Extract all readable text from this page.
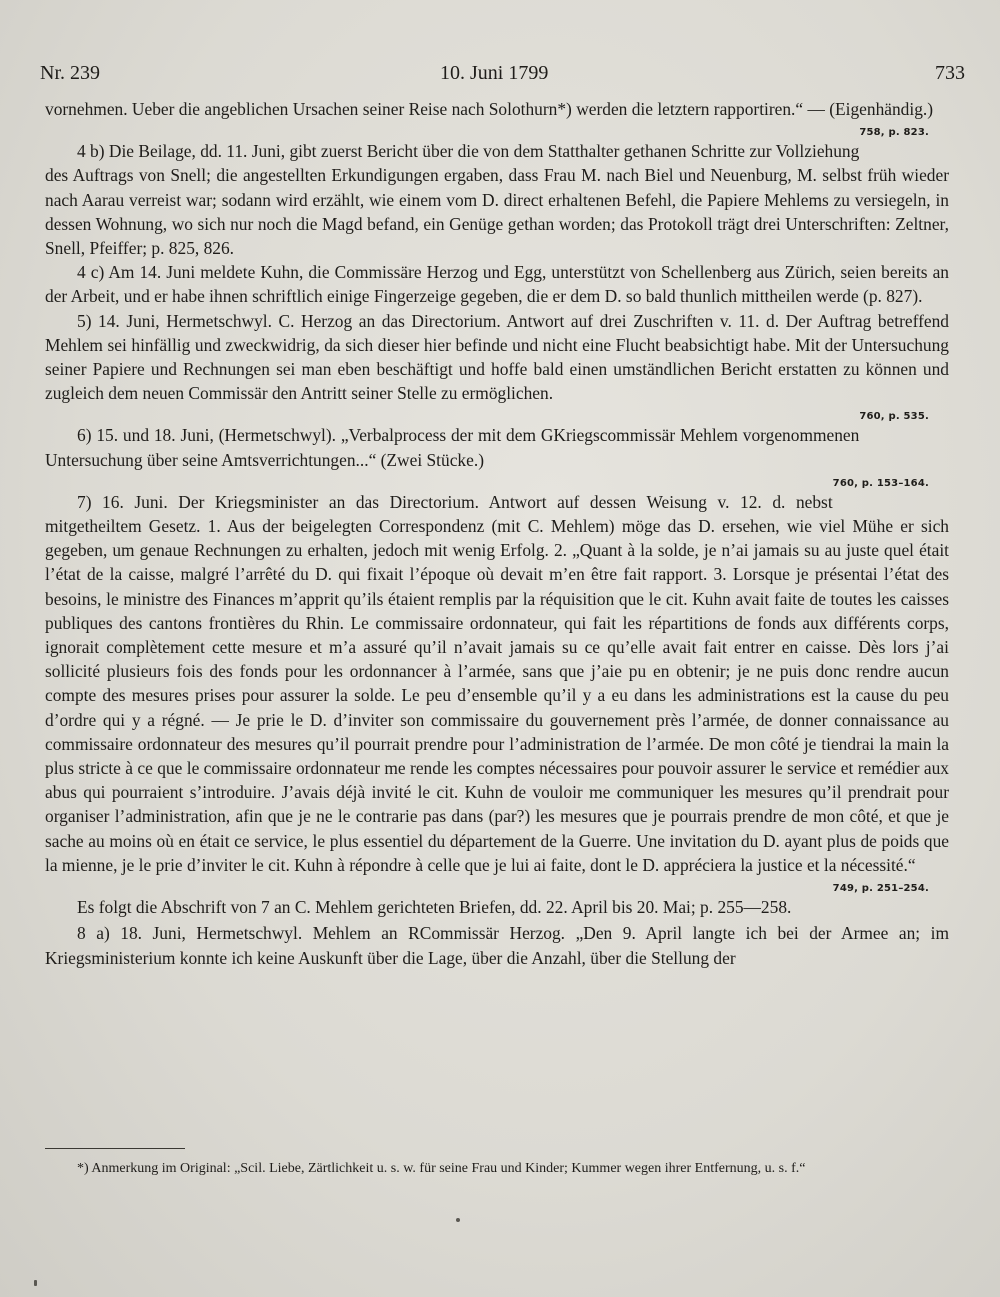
Nr. 239	10. Juni 1799	733

vornehmen. Ueber die angeblichen Ursachen seiner Reise nach Solothurn*) werden die letztern rapportiren.“ — (Eigenhändig.)

758, p. 823.

4 b) Die Beilage, dd. 11. Juni, gibt zuerst Bericht über die von dem Statthalter gethanen Schritte zur Vollziehung des Auftrags von Snell; die angestellten Erkundigungen ergaben, dass Frau M. nach Biel und Neuenburg, M. selbst früh wieder nach Aarau verreist war; sodann wird erzählt, wie einem vom D. direct erhaltenen Befehl, die Papiere Mehlems zu versiegeln, in dessen Wohnung, wo sich nur noch die Magd befand, ein Genüge gethan worden; das Protokoll trägt drei Unterschriften: Zeltner, Snell, Pfeiffer; p. 825, 826.

4 c) Am 14. Juni meldete Kuhn, die Commissäre Herzog und Egg, unterstützt von Schellenberg aus Zürich, seien bereits an der Arbeit, und er habe ihnen schriftlich einige Fingerzeige gegeben, die er dem D. so bald thunlich mittheilen werde (p. 827).

5) 14. Juni, Hermetschwyl. C. Herzog an das Directorium. Antwort auf drei Zuschriften v. 11. d. Der Auftrag betreffend Mehlem sei hinfällig und zweckwidrig, da sich dieser hier befinde und nicht eine Flucht beabsichtigt habe. Mit der Untersuchung seiner Papiere und Rechnungen sei man eben beschäftigt und hoffe bald einen umständlichen Bericht erstatten zu können und zugleich dem neuen Commissär den Antritt seiner Stelle zu ermöglichen.

760, p. 535.

6) 15. und 18. Juni, (Hermetschwyl). „Verbalprocess der mit dem GKriegscommissär Mehlem vorgenommenen Untersuchung über seine Amtsverrichtungen...“ (Zwei Stücke.)

760, p. 153–164.

7) 16. Juni. Der Kriegsminister an das Directorium. Antwort auf dessen Weisung v. 12. d. nebst mitgetheiltem Gesetz. 1. Aus der beigelegten Correspondenz (mit C. Mehlem) möge das D. ersehen, wie viel Mühe er sich gegeben, um genaue Rechnungen zu erhalten, jedoch mit wenig Erfolg. 2. „Quant à la solde, je n’ai jamais su au juste quel était l’état de la caisse, malgré l’arrêté du D. qui fixait l’époque où devait m’en être fait rapport. 3. Lorsque je présentai l’état des besoins, le ministre des Finances m’apprit qu’ils étaient remplis par la réquisition que le cit. Kuhn avait faite de toutes les caisses publiques des cantons frontières du Rhin. Le commissaire ordonnateur, qui fait les répartitions de fonds aux différents corps, ignorait complètement cette mesure et m’a assuré qu’il n’avait jamais su ce qu’elle avait fait entrer en caisse. Dès lors j’ai sollicité plusieurs fois des fonds pour les ordonnancer à l’armée, sans que j’aie pu en obtenir; je ne puis donc rendre aucun compte des mesures prises pour assurer la solde. Le peu d’ensemble qu’il y a eu dans les administrations est la cause du peu d’ordre qui y a régné. — Je prie le D. d’inviter son commissaire du gouvernement près l’armée, de donner connaissance au commissaire ordonnateur des mesures qu’il pourrait prendre pour l’administration de l’armée. De mon côté je tiendrai la main la plus stricte à ce que le commissaire ordonnateur me rende les comptes nécessaires pour pouvoir assurer le service et remédier aux abus qui pourraient s’introduire. J’avais déjà invité le cit. Kuhn de vouloir me communiquer les mesures qu’il prendrait pour organiser l’administration, afin que je ne le contrarie pas dans (par?) les mesures que je pourrais prendre de mon côté, et que je sache au moins où en était ce service, le plus essentiel du département de la Guerre. Une invitation du D. ayant plus de poids que la mienne, je le prie d’inviter le cit. Kuhn à répondre à celle que je lui ai faite, dont le D. appréciera la justice et la nécessité.“

749, p. 251–254.

Es folgt die Abschrift von 7 an C. Mehlem gerichteten Briefen, dd. 22. April bis 20. Mai; p. 255—258.

8 a) 18. Juni, Hermetschwyl. Mehlem an RCommissär Herzog. „Den 9. April langte ich bei der Armee an; im Kriegsministerium konnte ich keine Auskunft über die Lage, über die Anzahl, über die Stellung der

*) Anmerkung im Original: „Scil. Liebe, Zärtlichkeit u. s. w. für seine Frau und Kinder; Kummer wegen ihrer Entfernung, u. s. f.“
